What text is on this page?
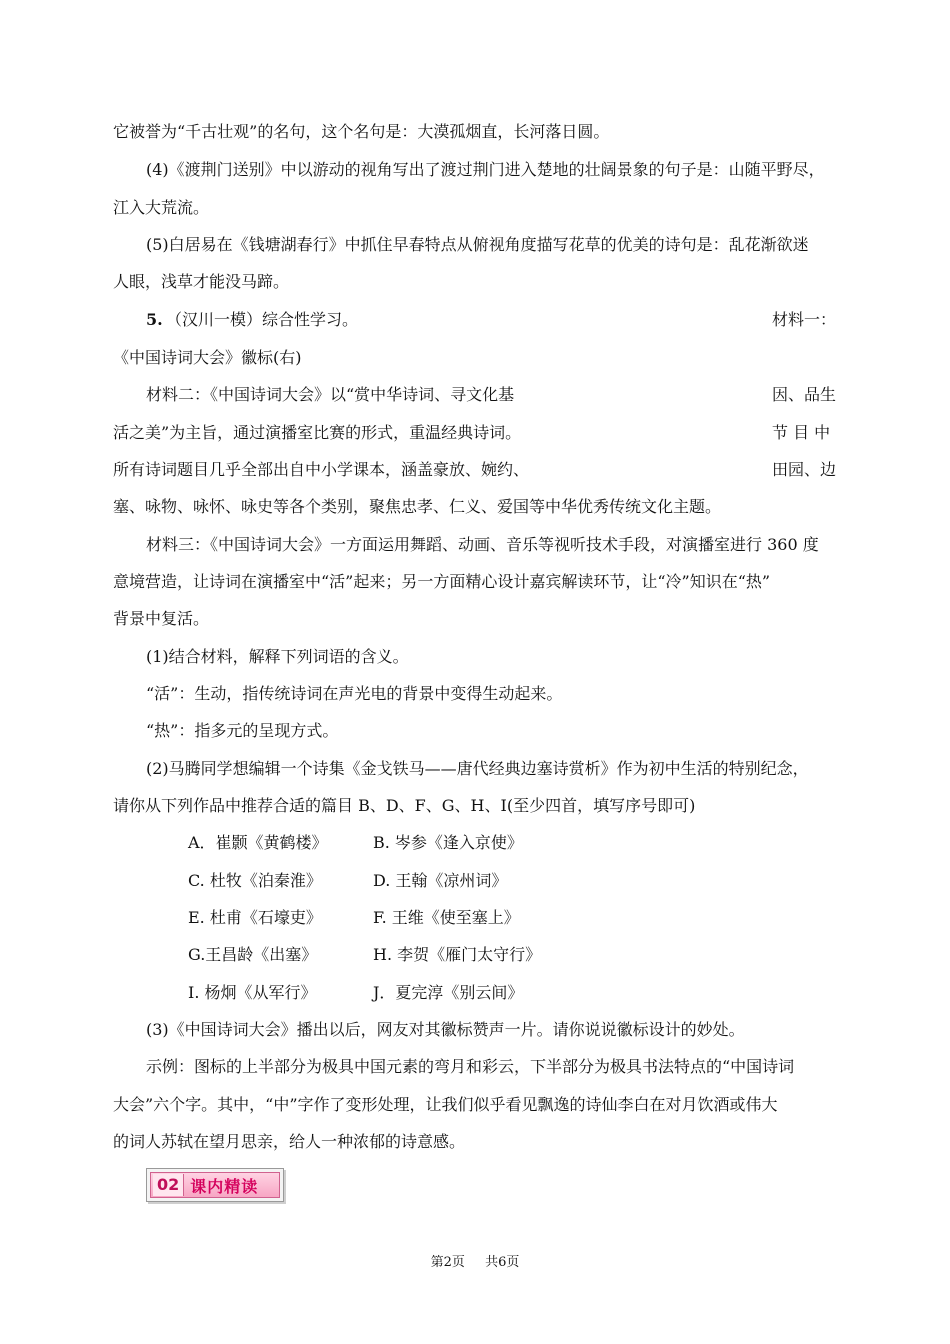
它被誉为“千古壮观”的名句，这个名句是：大漠孤烟直，长河落日圆。
(4)《渡荆门送别》中以游动的视角写出了渡过荆门进入楚地的壮阔景象的句子是：山随平野尽，
江入大荒流。
(5)白居易在《钱塘湖春行》中抓住早春特点从俯视角度描写花草的优美的诗句是：乱花渐欲迷
人眼，浅草才能没马蹄。
5. （汉川一模）综合性学习。	材料一：
《中国诗词大会》徽标(右)
材料二：《中国诗词大会》以“赏中华诗词、寻文化基	因、品生
活之美”为主旨，通过演播室比赛的形式，重温经典诗词。	节 目 中
所有诗词题目几乎全部出自中小学课本，涵盖豪放、婉约、	田园、边
塞、咏物、咏怀、咏史等各个类别，聚焦忠孝、仁义、爱国等中华优秀传统文化主题。
材料三：《中国诗词大会》一方面运用舞蹈、动画、音乐等视听技术手段，对演播室进行 360 度
意境营造，让诗词在演播室中“活”起来；另一方面精心设计嘉宾解读环节，让“冷”知识在“热”
背景中复活。
(1)结合材料，解释下列词语的含义。
“活”：生动，指传统诗词在声光电的背景中变得生动起来。
“热”：指多元的呈现方式。
(2)马腾同学想编辑一个诗集《金戈铁马——唐代经典边塞诗赏析》作为初中生活的特别纪念，
请你从下列作品中推荐合适的篇目 B、D、F、G、H、I(至少四首，填写序号即可)
A．崔颢《黄鹤楼》	B. 岑参《逢入京使》
C. 杜牧《泊秦淮》	D. 王翰《凉州词》
E. 杜甫《石壕吏》	F. 王维《使至塞上》
G.王昌龄《出塞》	H. 李贺《雁门太守行》
I. 杨炯《从军行》	J．夏完淳《别云间》
(3)《中国诗词大会》播出以后，网友对其徽标赞声一片。请你说说徽标设计的妙处。
示例：图标的上半部分为极具中国元素的弯月和彩云，下半部分为极具书法特点的“中国诗词
大会”六个字。其中，“中”字作了变形处理，让我们似乎看见飘逸的诗仙李白在对月饮酒或伟大
的词人苏轼在望月思亲，给人一种浓郁的诗意感。
02 课内精读
第2页 共6页
